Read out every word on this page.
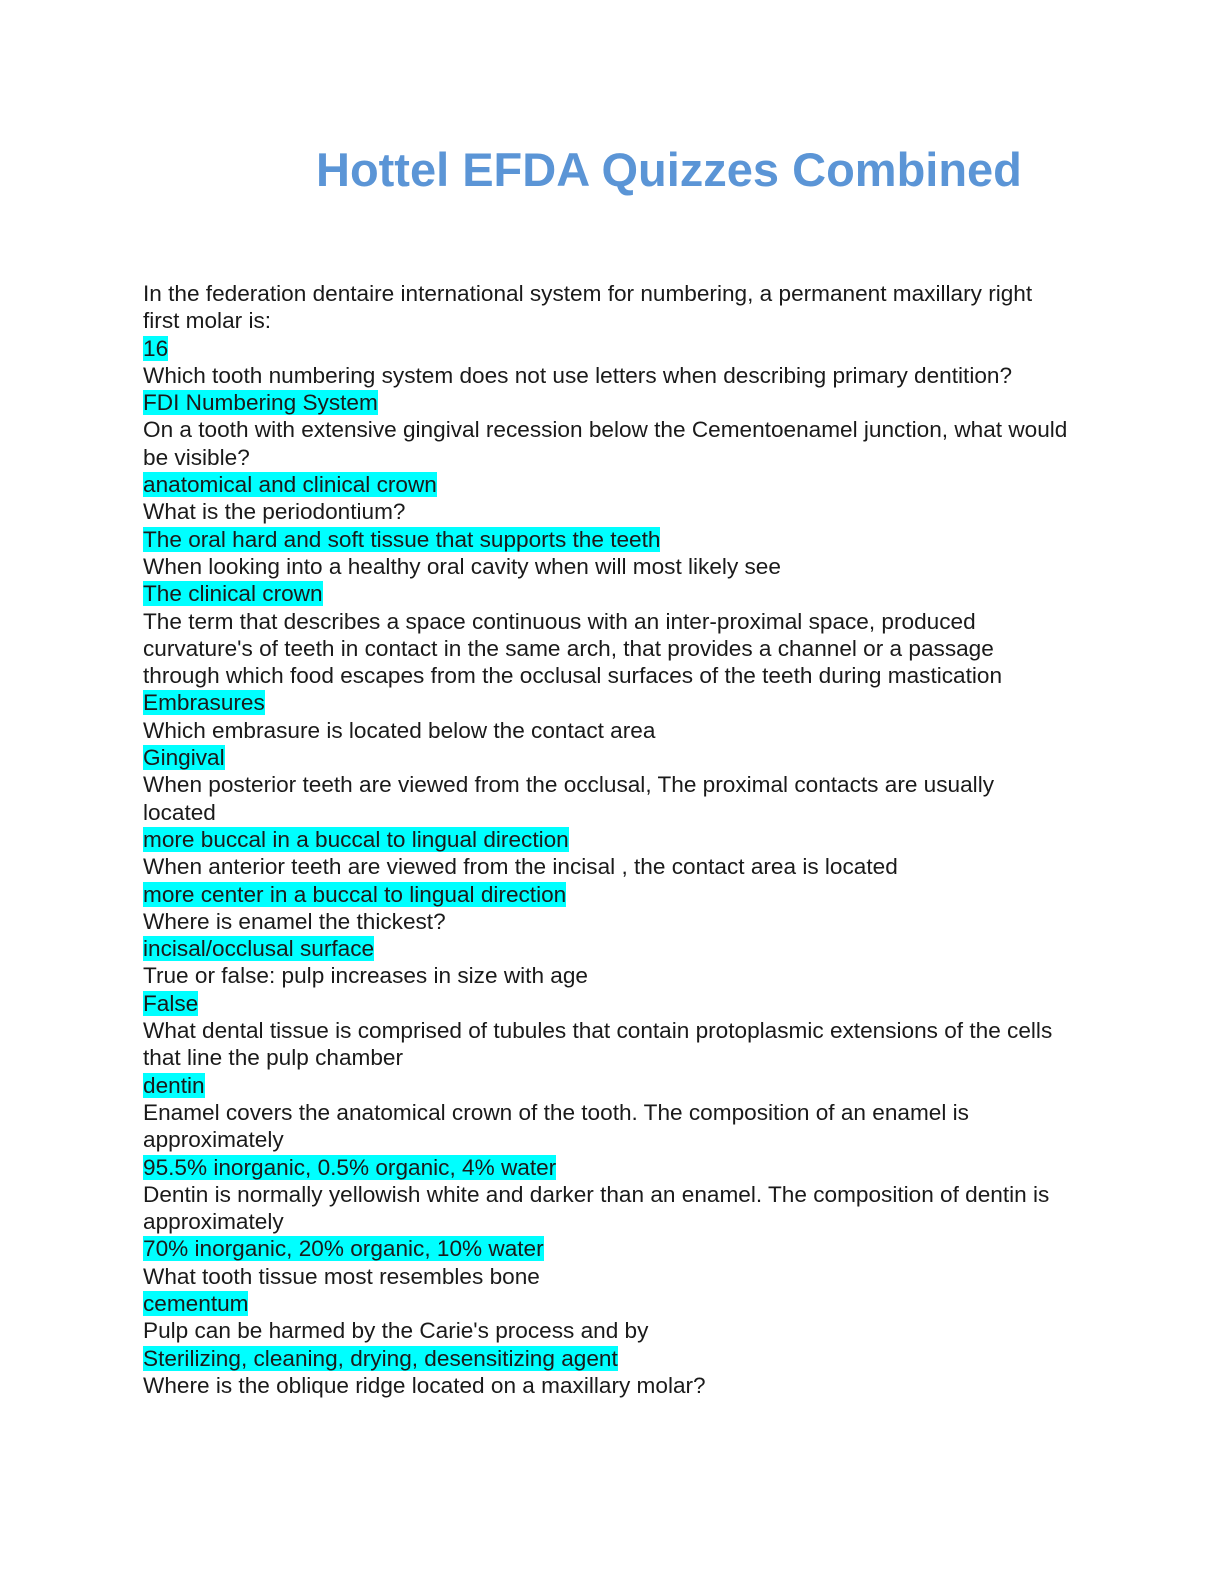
Hottel EFDA Quizzes Combined

In the federation dentaire international system for numbering, a permanent maxillary right first molar is:

16

Which tooth numbering system does not use letters when describing primary dentition?

FDI Numbering System

On a tooth with extensive gingival recession below the Cementoenamel junction, what would be visible?

anatomical and clinical crown

What is the periodontium?

The oral hard and soft tissue that supports the teeth

When looking into a healthy oral cavity when will most likely see

The clinical crown

The term that describes a space continuous with an inter-proximal space, produced curvature's of teeth in contact in the same arch, that provides a channel or a passage through which food escapes from the occlusal surfaces of the teeth during mastication

Embrasures

Which embrasure is located below the contact area

Gingival

When posterior teeth are viewed from the occlusal, The proximal contacts are usually located

more buccal in a buccal to lingual direction

When anterior teeth are viewed from the incisal , the contact area is located

more center in a buccal to lingual direction

Where is enamel the thickest?

incisal/occlusal surface

True or false: pulp increases in size with age

False

What dental tissue is comprised of tubules that contain protoplasmic extensions of the cells that line the pulp chamber

dentin

Enamel covers the anatomical crown of the tooth. The composition of an enamel is approximately

95.5% inorganic, 0.5% organic, 4% water

Dentin is normally yellowish white and darker than an enamel. The composition of dentin is approximately

70% inorganic, 20% organic, 10% water

What tooth tissue most resembles bone

cementum

Pulp can be harmed by the Carie's process and by

Sterilizing, cleaning, drying, desensitizing agent

Where is the oblique ridge located on a maxillary molar?
